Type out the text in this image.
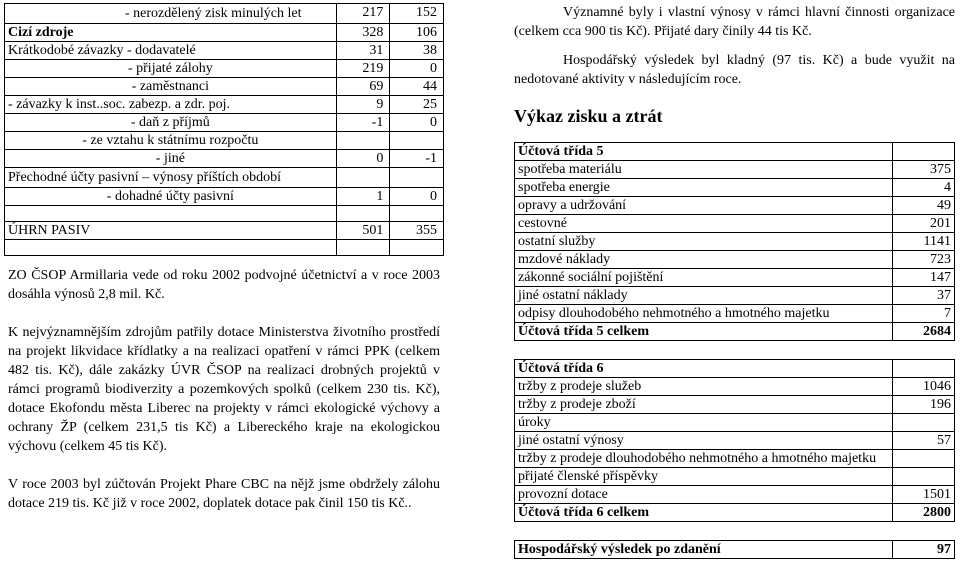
- nerozdělený zisk minulých let	217	152
Cizí zdroje	328	106
Krátkodobé závazky - dodavatelé	31	38
- přijaté zálohy	219	0
- zaměstnanci	69	44
- závazky k inst..soc. zabezp. a zdr. poj.	9	25
- daň z příjmů	-1	0
- ze vztahu k státnímu rozpočtu		
- jiné	0	-1
Přechodné účty pasivní – výnosy příštích období		
- dohadné účty pasivní	1	0

ÚHRN PASIV	501	355

ZO ČSOP Armillaria vede od roku 2002 podvojné účetnictví a v roce 2003 dosáhla výnosů 2,8 mil. Kč.

K nejvýznamnějším zdrojům patřily dotace Ministerstva životního prostředí na projekt likvidace křídlatky a na realizaci opatření v rámci PPK (celkem 482 tis. Kč), dále zakázky ÚVR ČSOP na realizaci drobných projektů v rámci programů biodiverzity a pozemkových spolků (celkem 230 tis. Kč), dotace Ekofondu města Liberec na projekty v rámci ekologické výchovy a ochrany ŽP (celkem 231,5 tis Kč) a Libereckého kraje na ekologickou výchovu (celkem 45 tis Kč).

V roce 2003 byl zúčtován Projekt Phare CBC na nějž jsme obdržely zálohu dotace 219 tis. Kč již v roce 2002, doplatek dotace pak činil 150 tis Kč..

Významné byly i vlastní výnosy v rámci hlavní činnosti organizace (celkem cca 900 tis Kč). Přijaté dary činily 44 tis Kč.

Hospodářský výsledek byl kladný (97 tis. Kč) a bude využit na nedotované aktivity v následujícím roce.

Výkaz zisku a ztrát
Účtová třída 5	
spotřeba materiálu	375
spotřeba energie	4
opravy a udržování	49
cestovné	201
ostatní služby	1141
mzdové náklady	723
zákonné sociální pojištění	147
jiné ostatní náklady	37
odpisy dlouhodobého nehmotného a hmotného majetku	7
Účtová třída 5 celkem	2684

Účtová třída 6	
tržby z prodeje služeb	1046
tržby z prodeje zboží	196
úroky	
jiné ostatní výnosy	57
tržby z prodeje dlouhodobého nehmotného a hmotného majetku	
přijaté členské příspěvky	
provozní dotace	1501
Účtová třída 6 celkem	2800

Hospodářský výsledek po zdanění	97
